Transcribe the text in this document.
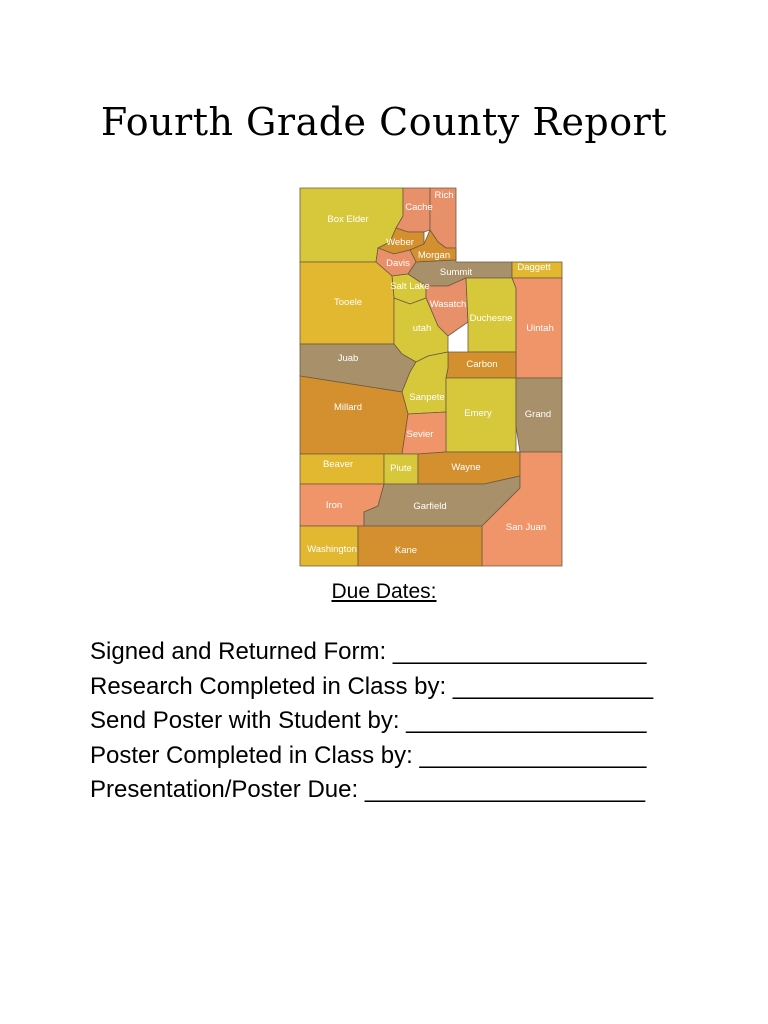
Fourth Grade County Report
Rich
Cache
Box Elder
Weber
Morgan
Davis
Summit	Daggett
Salt Lake
Tooele	Wasatch
Duchesne
Uintah
utah
Juab
Carbon
Sanpete
Millard
Emery	Grand
Sevier
Beaver	Piute	Wayne
Iron	Garfield
San Juan
Washington	Kane
Due Dates:
Signed and Returned Form: ___________________
Research Completed in Class by: _______________
Send Poster with Student by: __________________
Poster Completed in Class by: _________________
Presentation/Poster Due: _____________________
